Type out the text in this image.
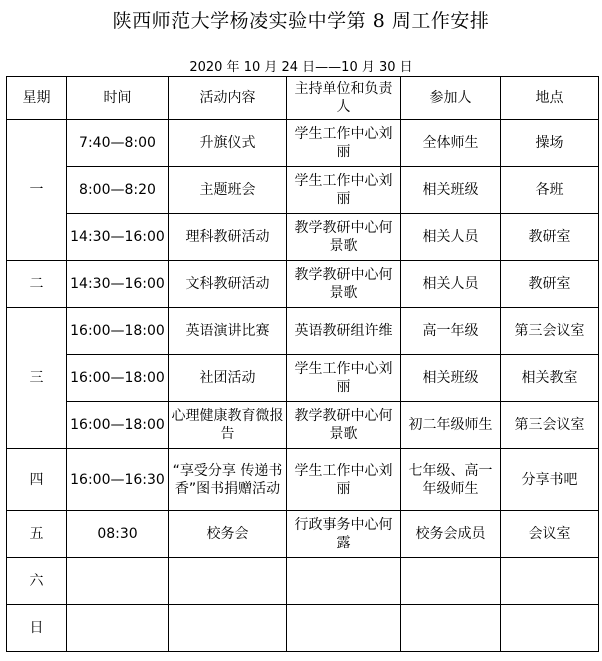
陕西师范大学杨凌实验中学第 8 周工作安排
2020 年 10 月 24 日——10 月 30 日
星期	时间	活动内容	主持单位和负责人	参加人	地点
一	7:40—8:00	升旗仪式	学生工作中心刘丽	全体师生	操场
	8:00—8:20	主题班会	学生工作中心刘丽	相关班级	各班
	14:30—16:00	理科教研活动	教学教研中心何景歌	相关人员	教研室
二	14:30—16:00	文科教研活动	教学教研中心何景歌	相关人员	教研室
三	16:00—18:00	英语演讲比赛	英语教研组许维	高一年级	第三会议室
	16:00—18:00	社团活动	学生工作中心刘丽	相关班级	相关教室
	16:00—18:00	心理健康教育微报告	教学教研中心何景歌	初二年级师生	第三会议室
四	16:00—16:30	“享受分享 传递书香”图书捐赠活动	学生工作中心刘丽	七年级、高一年级师生	分享书吧
五	08:30	校务会	行政事务中心何露	校务会成员	会议室
六					
日					
